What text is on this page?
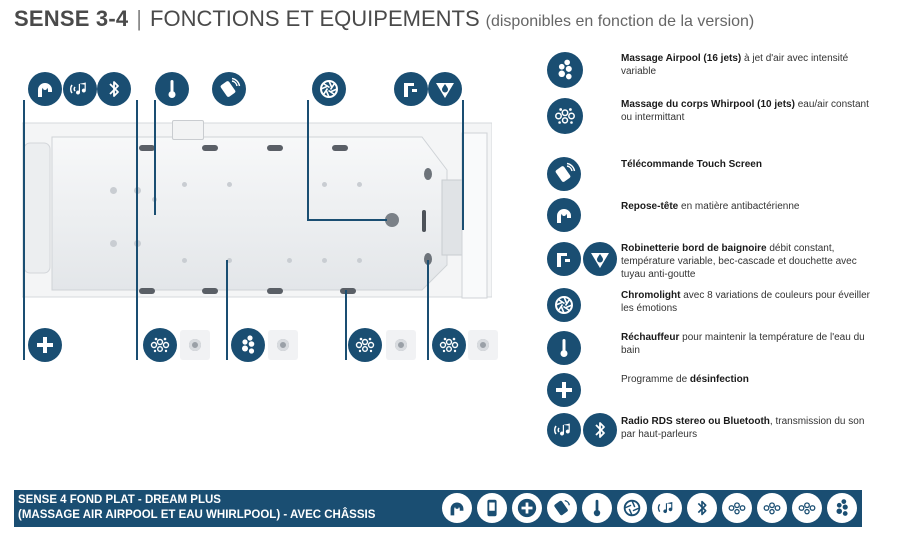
SENSE 3-4 | FONCTIONS ET EQUIPEMENTS (disponibles en fonction de la version)
Massage Airpool (16 jets) à jet d'air avec intensité variable
Massage du corps Whirpool (10 jets) eau/air constant ou intermittant
Télécommande Touch Screen
Repose-tête en matière antibactérienne
Robinetterie bord de baignoire débit constant, température variable, bec-cascade et douchette avec tuyau anti-goutte
Chromolight avec 8 variations de couleurs pour éveiller les émotions
Réchauffeur pour maintenir la température de l'eau du bain
Programme de désinfection
Radio RDS stereo ou Bluetooth, transmission du son par haut-parleurs
SENSE 4 FOND PLAT - DREAM PLUS
(MASSAGE AIR AIRPOOL ET EAU WHIRLPOOL) - AVEC CHÂSSIS
